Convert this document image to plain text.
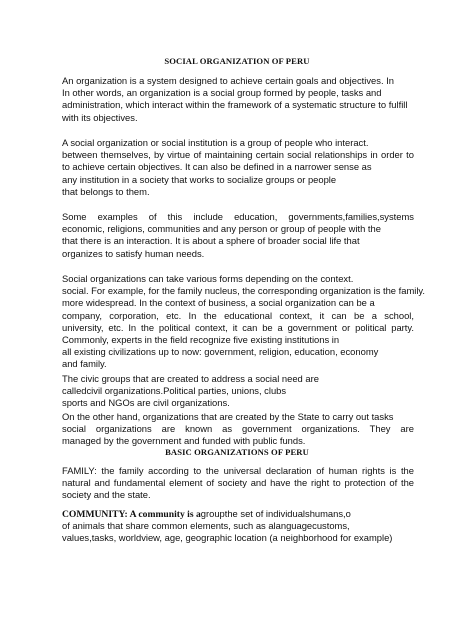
SOCIAL ORGANIZATION OF PERU
An organization is a system designed to achieve certain goals and objectives. In
In other words, an organization is a social group formed by people, tasks and
administration, which interact within the framework of a systematic structure to fulfill
with its objectives.
A social organization or social institution is a group of people who interact.
between themselves, by virtue of maintaining certain social relationships in order to
to achieve certain objectives. It can also be defined in a narrower sense as
any institution in a society that works to socialize groups or people
that belongs to them.
Some examples of this include education, governments,families,systems
economic, religions, communities and any person or group of people with the
that there is an interaction. It is about a sphere of broader social life that
organizes to satisfy human needs.
Social organizations can take various forms depending on the context.
social. For example, for the family nucleus, the corresponding organization is the family.
more widespread. In the context of business, a social organization can be a
company, corporation, etc. In the educational context, it can be a school,
university, etc. In the political context, it can be a government or political party.
Commonly, experts in the field recognize five existing institutions in
all existing civilizations up to now: government, religion, education, economy
and family.
The civic groups that are created to address a social need are
calledcivil organizations.Political parties, unions, clubs
sports and NGOs are civil organizations.
On the other hand, organizations that are created by the State to carry out tasks
social organizations are known as government organizations. They are
managed by the government and funded with public funds.
BASIC ORGANIZATIONS OF PERU
FAMILY: the family according to the universal declaration of human rights is the
natural and fundamental element of society and have the right to protection of the
society and the state.
COMMUNITY: A community is agroupthe set of individualshumans,o
of animals that share common elements, such as alanguagecustoms,
values,tasks, worldview, age, geographic location (a neighborhood for example)
